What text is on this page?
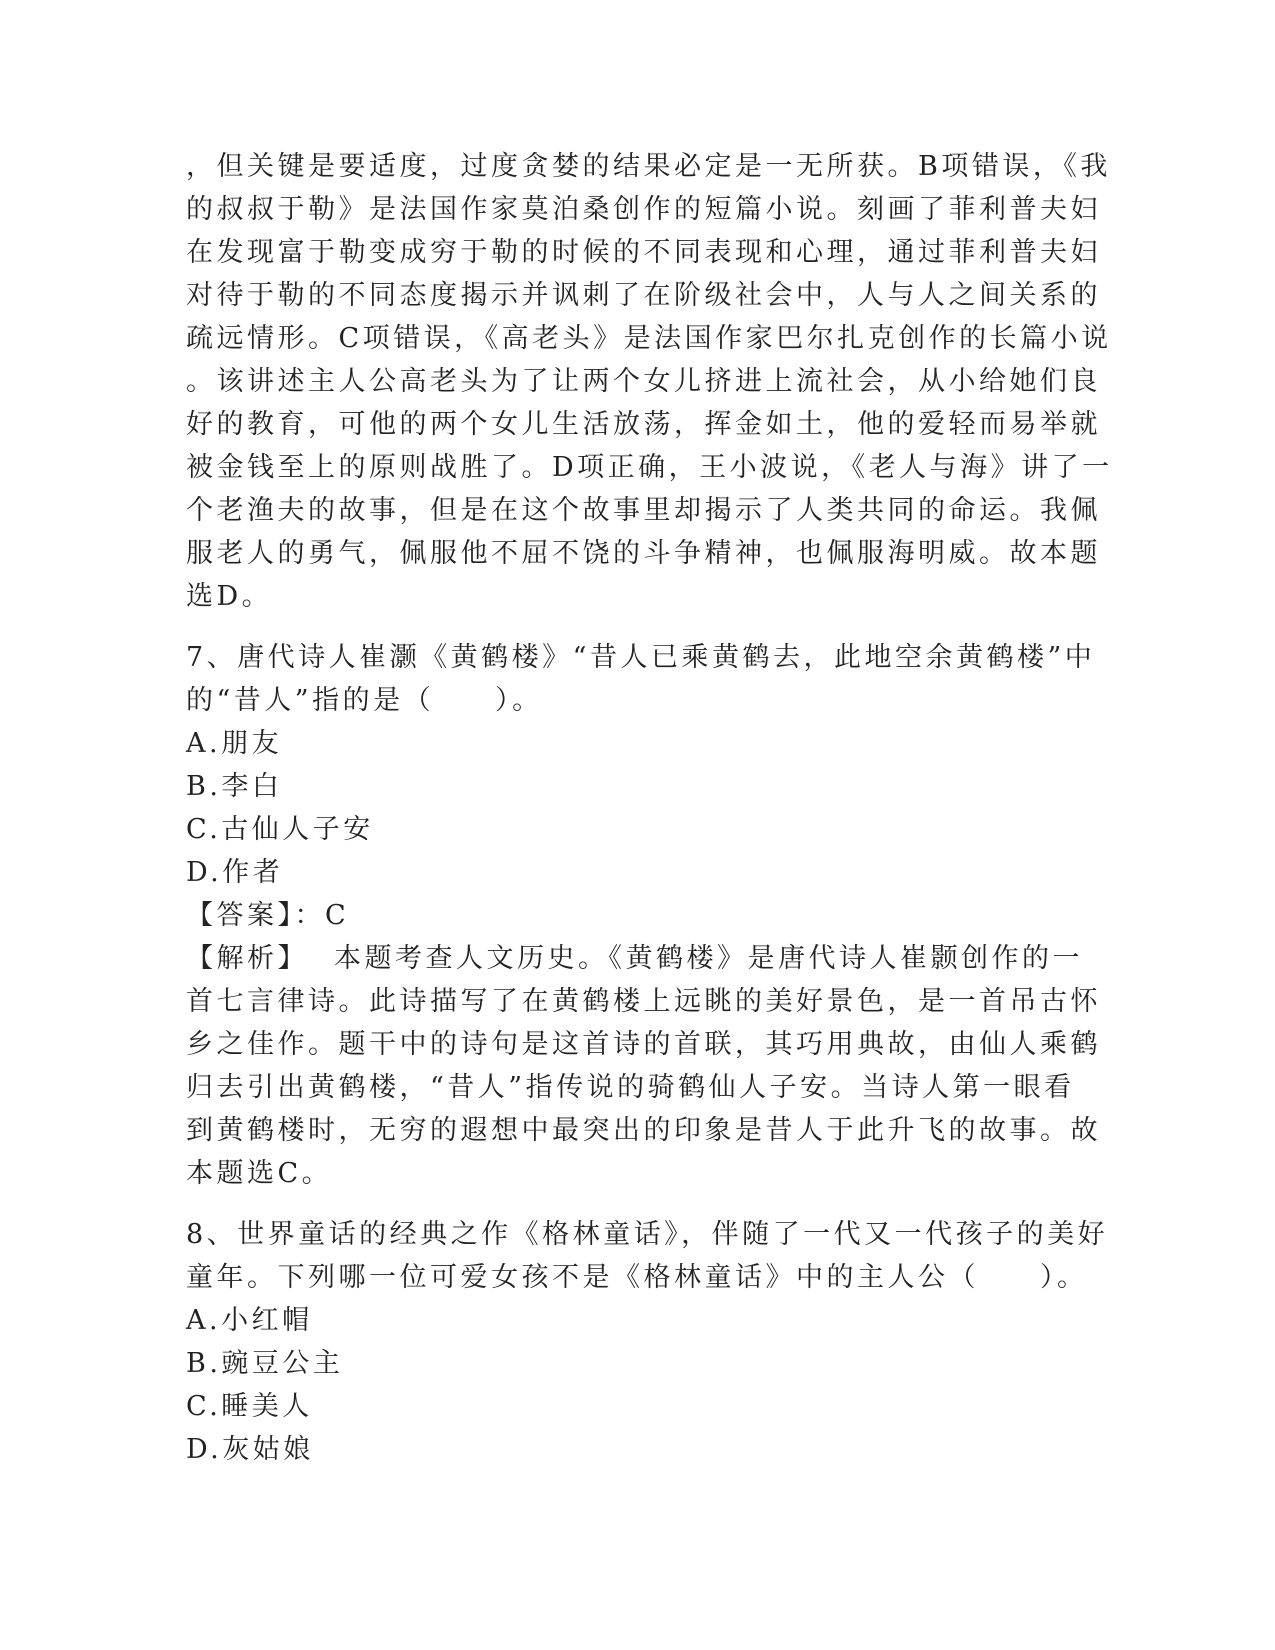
，但关键是要适度，过度贪婪的结果必定是一无所获。B项错误，《我
的叔叔于勒》是法国作家莫泊桑创作的短篇小说。刻画了菲利普夫妇
在发现富于勒变成穷于勒的时候的不同表现和心理，通过菲利普夫妇
对待于勒的不同态度揭示并讽刺了在阶级社会中，人与人之间关系的
疏远情形。C项错误，《高老头》是法国作家巴尔扎克创作的长篇小说
。该讲述主人公高老头为了让两个女儿挤进上流社会，从小给她们良
好的教育，可他的两个女儿生活放荡，挥金如土，他的爱轻而易举就
被金钱至上的原则战胜了。D项正确，王小波说，《老人与海》讲了一
个老渔夫的故事，但是在这个故事里却揭示了人类共同的命运。我佩
服老人的勇气，佩服他不屈不饶的斗争精神，也佩服海明威。故本题
选D。
7、唐代诗人崔灏《黄鹤楼》“昔人已乘黄鹤去，此地空余黄鹤楼”中
的“昔人”指的是（　　）。
A.朋友
B.李白
C.古仙人子安
D.作者
【答案】：C
【解析】 本题考查人文历史。《黄鹤楼》是唐代诗人崔颢创作的一
首七言律诗。此诗描写了在黄鹤楼上远眺的美好景色，是一首吊古怀
乡之佳作。题干中的诗句是这首诗的首联，其巧用典故，由仙人乘鹤
归去引出黄鹤楼，“昔人”指传说的骑鹤仙人子安。当诗人第一眼看
到黄鹤楼时，无穷的遐想中最突出的印象是昔人于此升飞的故事。故
本题选C。
8、世界童话的经典之作《格林童话》，伴随了一代又一代孩子的美好
童年。下列哪一位可爱女孩不是《格林童话》中的主人公（　　）。
A.小红帽
B.豌豆公主
C.睡美人
D.灰姑娘
